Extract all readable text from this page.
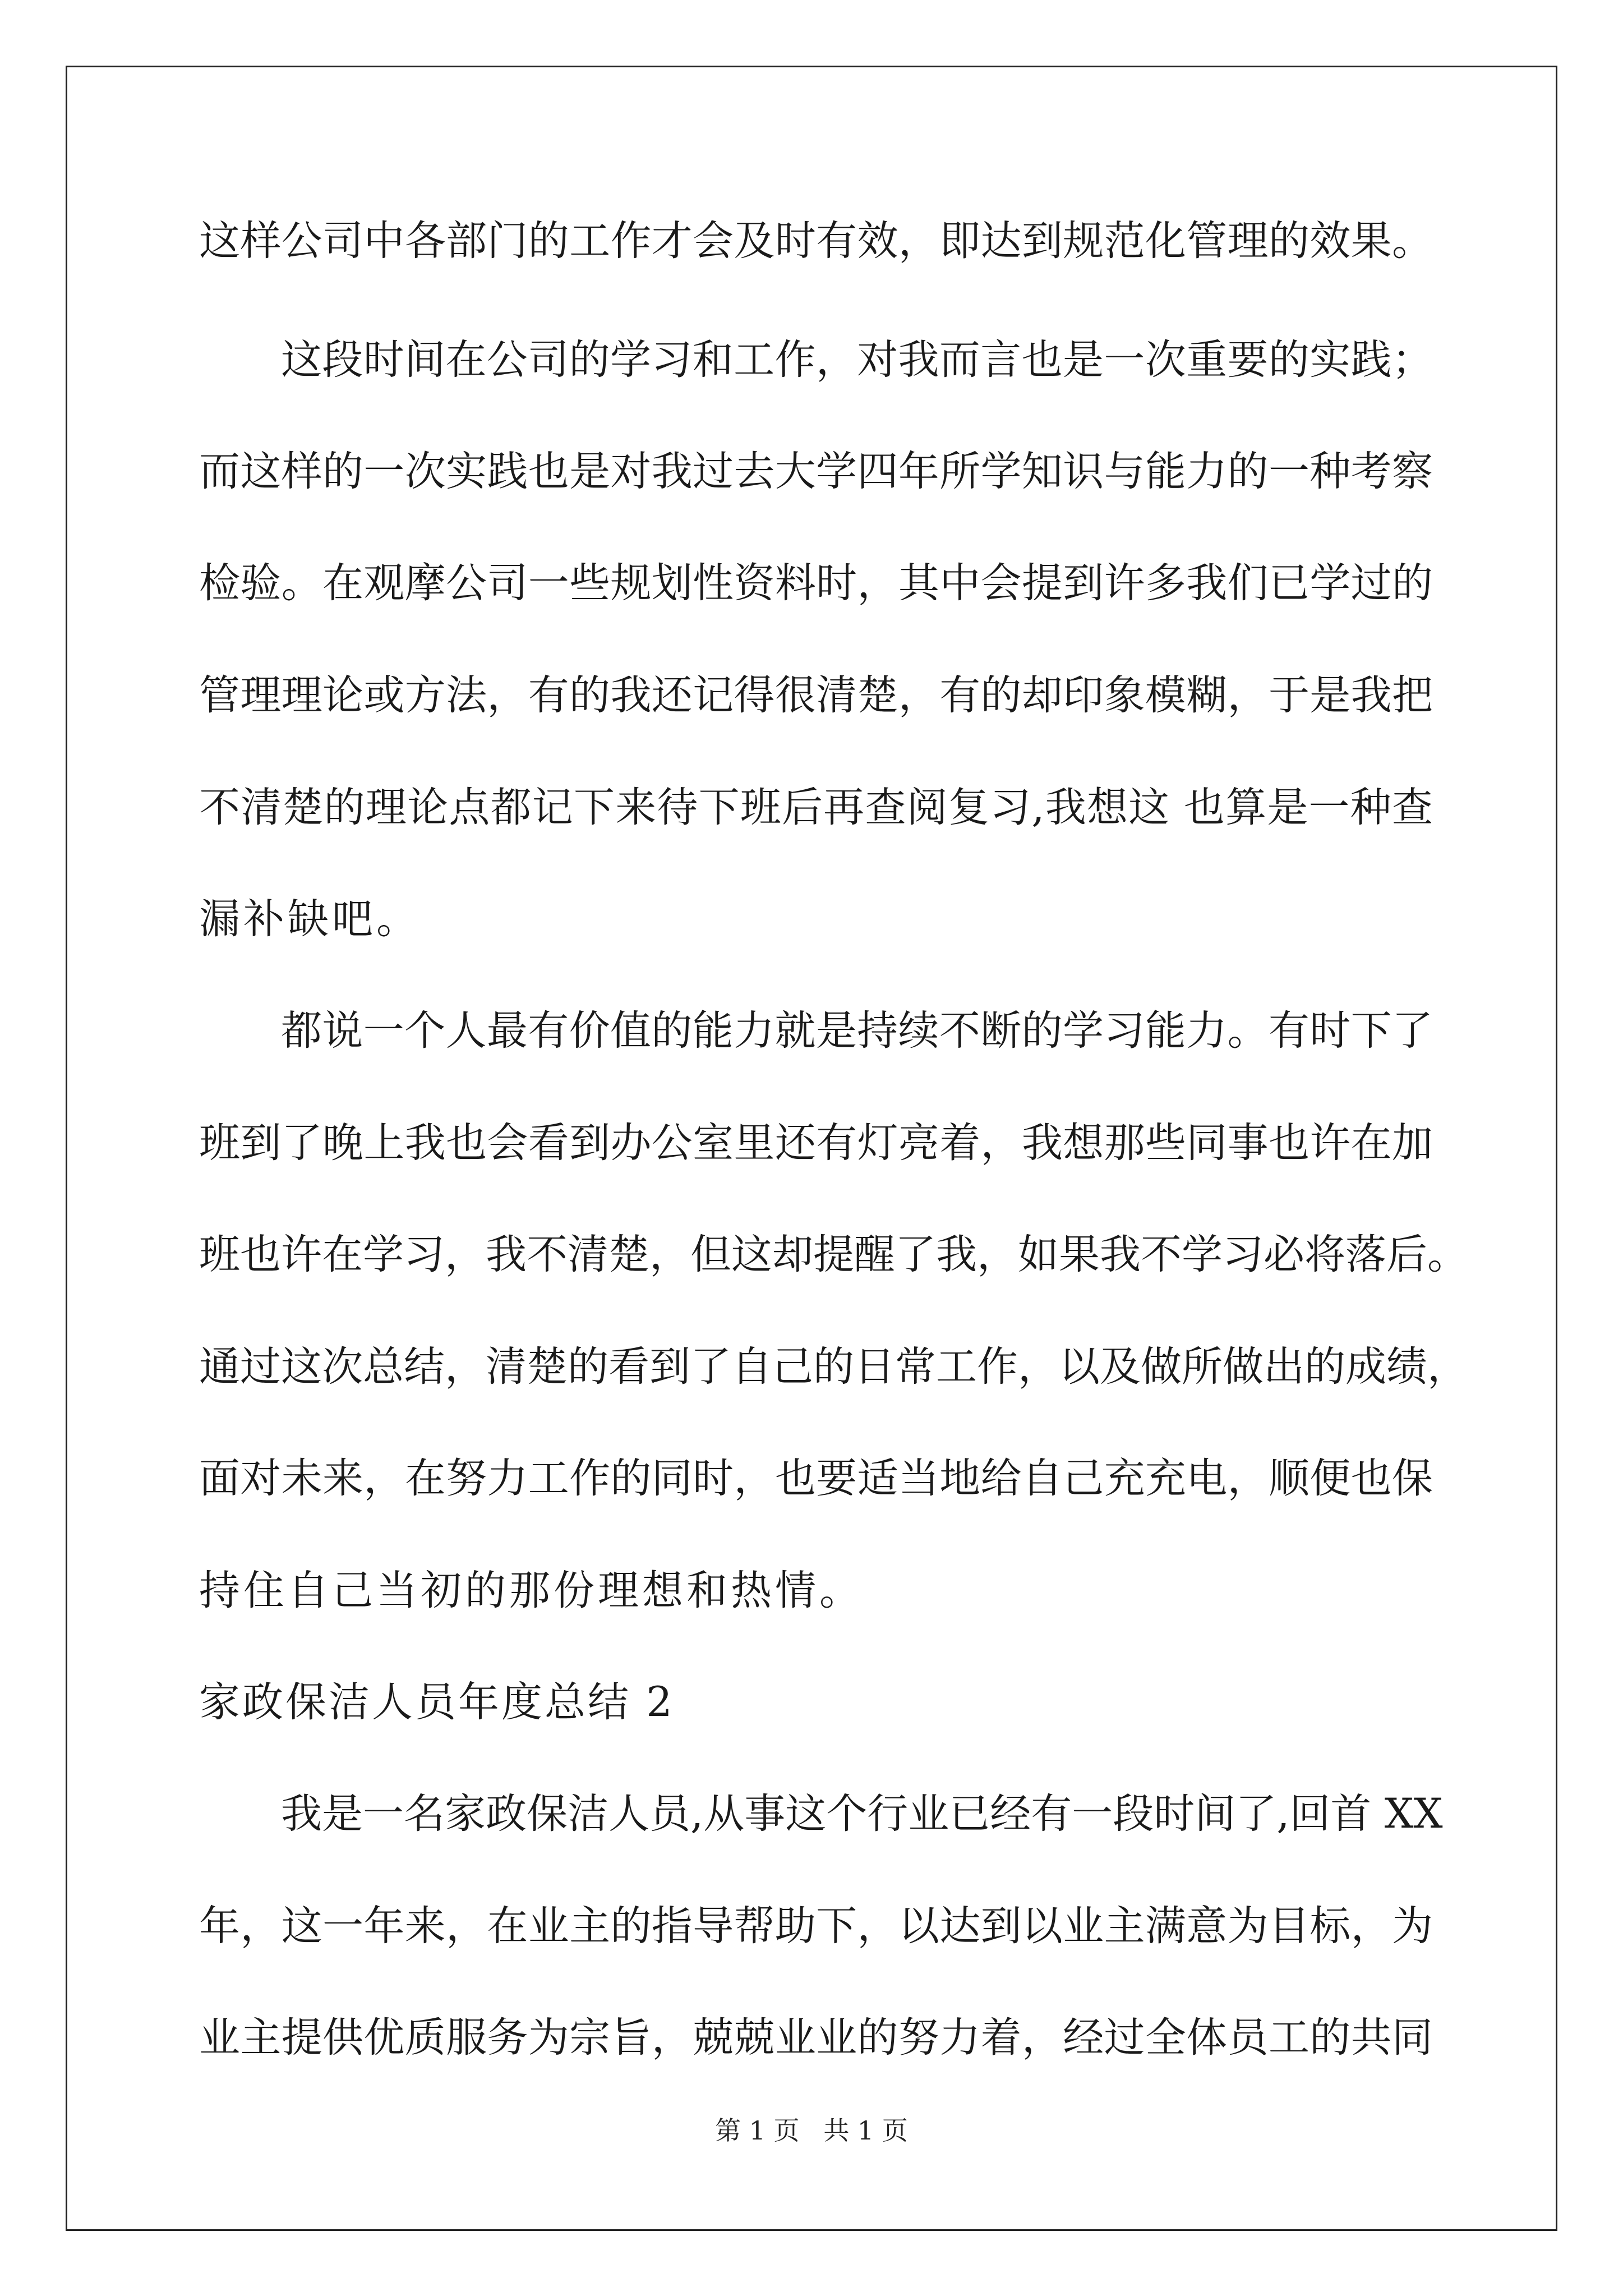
这样公司中各部门的工作才会及时有效，即达到规范化管理的效果。
这段时间在公司的学习和工作，对我而言也是一次重要的实践；
而这样的一次实践也是对我过去大学四年所学知识与能力的一种考察
检验。在观摩公司一些规划性资料时，其中会提到许多我们已学过的
管理理论或方法，有的我还记得很清楚，有的却印象模糊，于是我把
不清楚的理论点都记下来待下班后再查阅复习,我想这 也算是一种查
漏补缺吧。
都说一个人最有价值的能力就是持续不断的学习能力。有时下了
班到了晚上我也会看到办公室里还有灯亮着，我想那些同事也许在加
班也许在学习，我不清楚，但这却提醒了我，如果我不学习必将落后。
通过这次总结，清楚的看到了自己的日常工作，以及做所做出的成绩，
面对未来，在努力工作的同时，也要适当地给自己充充电，顺便也保
持住自己当初的那份理想和热情。
家政保洁人员年度总结 2
我是一名家政保洁人员,从事这个行业已经有一段时间了,回首 XX
年，这一年来，在业主的指导帮助下，以达到以业主满意为目标，为
业主提供优质服务为宗旨，兢兢业业的努力着，经过全体员工的共同
第 1 页 共 1 页
